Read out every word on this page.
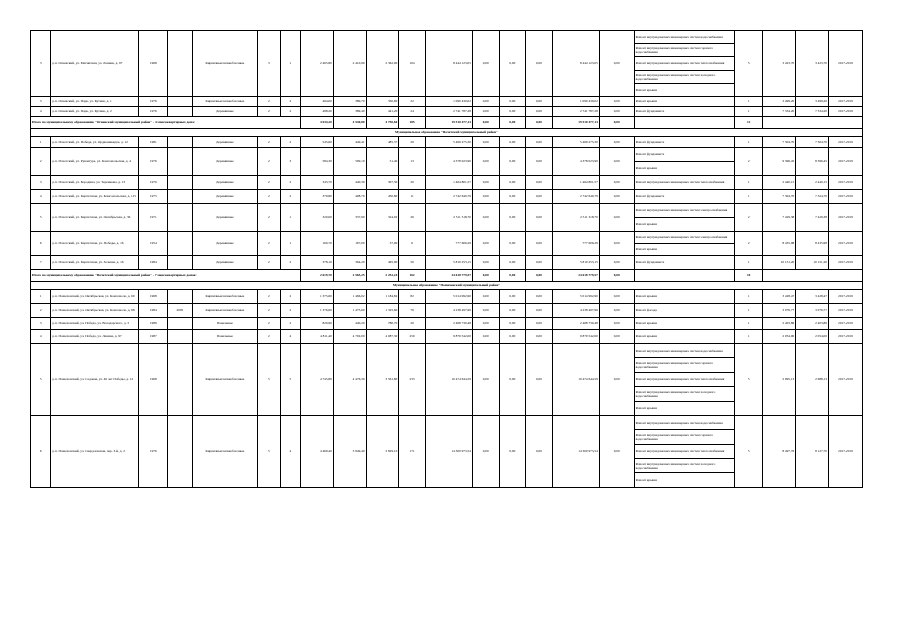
3	р.п. Огневский, ул. Магнитная, ул. Ленина, д. 97	1968		Кирпичные/шлакоблочные	3	1	2 465,80	2 410,90	2 362,00	104	8 444 123,05	0,00	0,00	0,00	8 444 123,05	0,00	Ремонт внутридомовых инженерных систем водоснабжения	5	3 423,70	3 423,70	2017-2019
																	Ремонт внутридомовых инженерных систем горячего водоснабжения				
																	Ремонт внутридомовых инженерных систем теплоснабжения				
																	Ремонт внутридомовых инженерных систем холодного водоснабжения				
																	Ремонт крыши				
3	р.п. Огневский, ул. Парк, ул. Кутина, д. 1	1976		Кирпичные/шлакоблочные	2	2	494,00	389,70	350,60	22	1 090 430,02	0,00	0,00	0,00	1 090 430,02	0,00	Ремонт крыши	1	3 499,20	3 499,20	2017-2019
4	р.п. Огневский, ул. Парк, ул. Кутина, д. 2	1976		Деревянные	2	2	498,20	389,40	441,20	24	2 741 787,28	0,00	0,00	0,00	2 741 787,28	0,00	Ремонт фундамента	1	7 334,20	7 334,20	2017-2019
Итого по муниципальному образованию "Огневский муниципальный район" - 4 многоквартирных дома:							4 634,20	4 540,80	4 750,60	185	19 510 477,13	0,00	0,00	0,00	19 510 477,13	0,00		12			
Муниципальное образование "Почетский муниципальный район"																					
1	р.п. Почетский, ул. Победа, ул. Орджоникидзе, д. 12	1981		Деревянные	2	2	545,60	449,41	485,37	29	5 469 275,30	0,00	0,00	0,00	5 469 275,30	0,00	Ремонт фундамента	1	7 304,70	7 304,70	2017-2019
2	р.п. Почетский, ул. Рукоятура, ул. Комсомольская, д. 4	1976		Деревянные	2	3	584,30	509,10	51,40	13	4 378 023,90	0,00	0,00	0,00	4 378 023,90	0,00	Ремонт фундамента	2	9 396,45	8 396,45	2017-2019
																	Ремонт крыши				
3	р.п. Почетский, ул. Бородина, ул. Терешкова, д. 13	1970		Деревянные	2	2	343,70	440,30	307,30	20	1 464 801,57	0,00	0,00	0,00	1 464 801,57	0,00	Ремонт внутридомовых инженерных систем теплоснабжения	1	2 440,15	2 440,15	2017-2019
4	р.п. Почетский, ул. Карпатская, ул. Комсомольская, д. 115	1975		Деревянные	2	2	379,80	408,70	450,80	11	2 742 640,79	0,00	0,00	0,00	2 742 640,79	0,00	Ремонт фундамента	1	7 304,70	7 324,70	2017-2019
5	р.п. Почетский, ул. Карпатская, ул. Октябрьская, д. 36	1971		Деревянные	2	1	320,00	337,90	324,02	26	2 511 318,70	0,00	0,00	0,00	2 511 318,70	0,00	Ремонт внутридомовых инженерных систем электроснабжения	2	7 429,38	7 429,38	2017-2019
																	Ремонт крыши				
6	р.п. Почетский, ул. Карпатская, ул. Победы, д. 16	1954		Деревянные	2	1	160,70	167,00	37,00	6	777 606,29	0,00	0,00	0,00	777 606,29	0,00	Ремонт внутридомовых инженерных систем электроснабжения	2	8 435,98	8 435,98	2017-2019
																	Ремонт крыши				
7	р.п. Почетский, ул. Карпатская, ул. Зеленая, д. 16	1984		Деревянные	2	2	378,10	364,20	465,00	50	5 810 253,15	0,00	0,00	0,00	5 810 253,15	0,00	Ремонт фундамента	1	10 151,20	10 151,20	2017-2019
Итого по муниципальному образованию "Почетский муниципальный район" - 7 многоквартирных домов:							2 619,70	2 565,25	2 252,24	162	24 618 779,57	0,00	0,00	0,00	24 618 779,57	0,00		10			
Муниципальное образование "Пошехонский муниципальный район"																					
1	р.п. Пошехонский, ул. Октябрьская, ул. Комсомола, д. 60	1968		Кирпичные/шлакоблочные	2	2	1 375,60	1 466,02	1 184,82	82	5 014 992,90	0,00	0,00	0,00	5 014 992,90	0,00	Ремонт крыши	1	3 428,47	3 428,47	2017-2019
2	р.п. Пошехонский, ул. Октябрьская, ул. Комсомола, д. 68	1984	2005	Кирпичные/шлакоблочные	2	2	1 376,60	1 475,60	1 325,60	76	4 238 497,96	0,00	0,00	0,00	4 238 497,96	0,00	Ремонт фасада	1	3 076,77	3 076,77	2017-2019
3	р.п. Пошехонский, ул. Победа, ул. Володарского, д. 3	1989		Панельные	2	2	820,90	440,20	780,70	20	2 468 730,48	0,00	0,00	0,00	2 468 730,48	0,00	Ремонт крыши	1	2 403,86	2 403,86	2017-2019
4	р.п. Пошехонский, ул. Победа, ул. Ленина, д. 97	1987		Панельные	2	4	4 811,40	4 702,00	4 087,30	250	9 879 542,00	0,00	0,00	0,00	9 879 542,00	0,00	Ремонт крыши	1	2 054,00	2 054,00	2017-2019
5	р.п. Пошехонский, ул. Садовая, ул. 40 лет Победы, д. 12	1968		Кирпичные/шлакоблочные	5	5	4 745,80	4 476,30	3 561,80	233	10 474 644,59	0,00	0,00	0,00	10 474 644,59	0,00	Ремонт внутридомовых инженерных систем водоснабжения	5	2 995,13	2 688,13	2017-2019
																	Ремонт внутридомовых инженерных систем горячего водоснабжения				
																	Ремонт внутридомовых инженерных систем теплоснабжения				
																	Ремонт внутридомовых инженерных систем холодного водоснабжения				
																	Ремонт крыши				
6	р.п. Пошехонский, ул. Свердловская, пер. 3-й, д. 2	1976		Кирпичные/шлакоблочные	5	4	4 469,40	3 949,40	3 829,10	171	14 300 973,54	0,00	0,00	0,00	14 300 973,54	0,00	Ремонт внутридомовых инженерных систем водоснабжения	5	8 497,76	8 127,70	2017-2019
																	Ремонт внутридомовых инженерных систем горячего водоснабжения				
																	Ремонт внутридомовых инженерных систем теплоснабжения				
																	Ремонт внутридомовых инженерных систем холодного водоснабжения				
																	Ремонт крыши				
